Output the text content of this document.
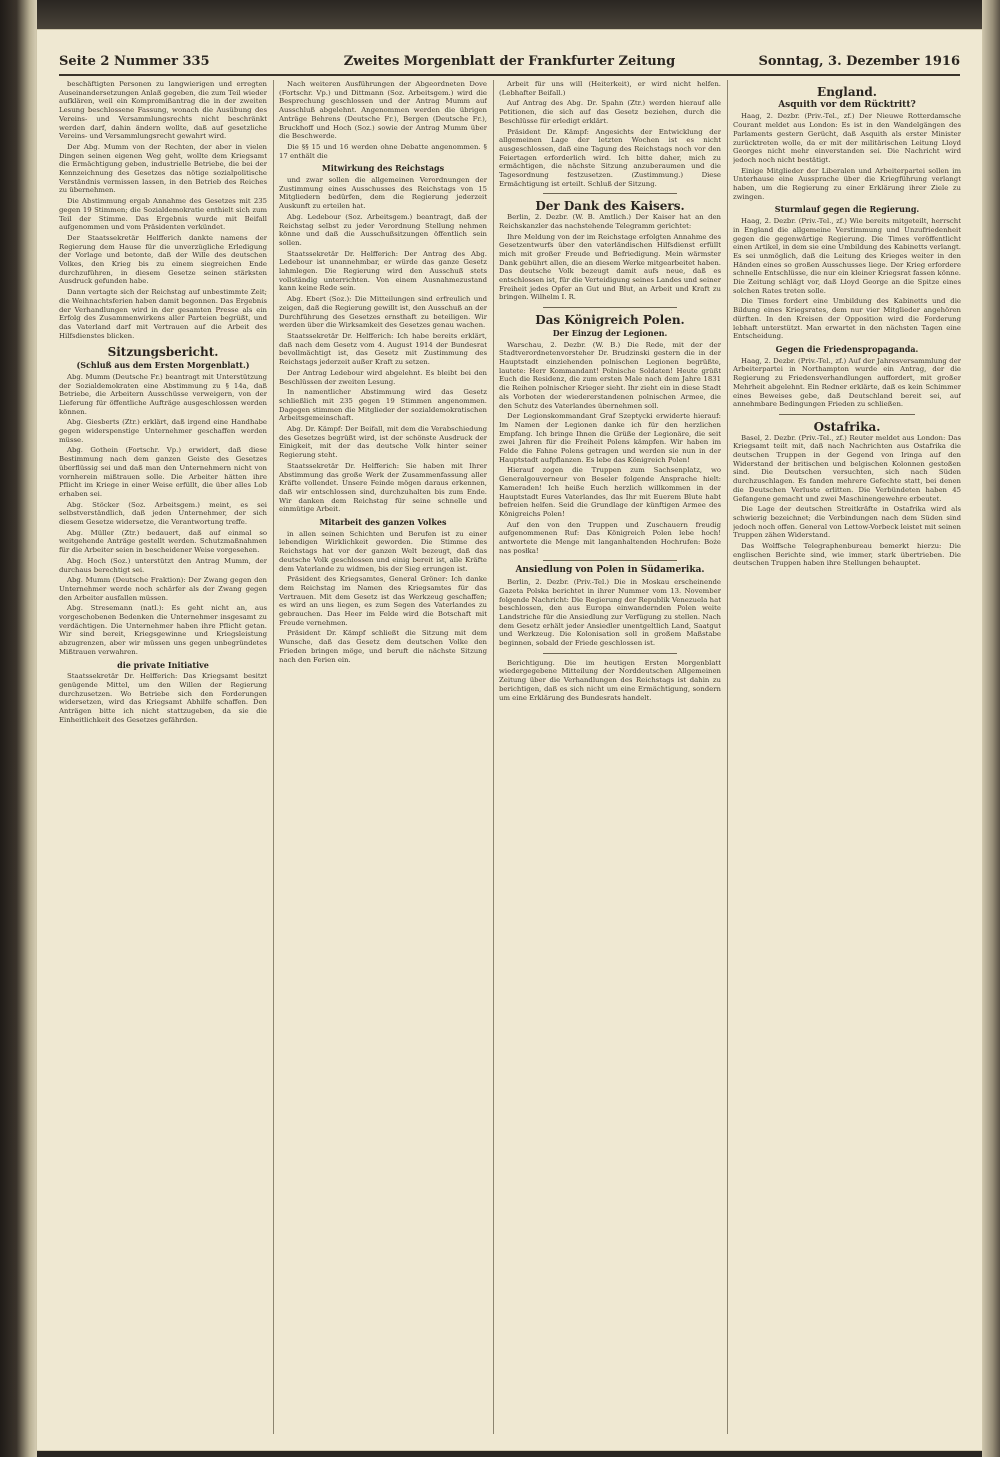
Seite 2 Nummer 335	Zweites Morgenblatt der Frankfurter Zeitung	Sonntag, 3. Dezember 1916

beschäftigten Personen zu langwierigen und erregten Auseinandersetzungen Anlaß gegeben, die zum Teil wieder aufklären, weil ein Kompromißantrag die in der zweiten Lesung beschlossene Fassung, wonach die Ausübung des Vereins- und Versammlungsrechts nicht beschränkt werden darf, dahin ändern wollte, daß auf gesetzliche Vereins- und Versammlungsrecht gewahrt wird.

Der Abg. Mumm von der Rechten, der aber in vielen Dingen seinen eigenen Weg geht, wollte dem Kriegsamt die Ermächtigung geben, industrielle Betriebe, die bei der Kennzeichnung des Gesetzes das nötige sozialpolitische Verständnis vermissen lassen, in den Betrieb des Reiches zu übernehmen.

Die Abstimmung ergab Annahme des Gesetzes mit 235 gegen 19 Stimmen; die Sozialdemokratie enthielt sich zum Teil der Stimme. Das Ergebnis wurde mit Beifall aufgenommen und vom Präsidenten verkündet.

Der Staatssekretär Helfferich dankte namens der Regierung dem Hause für die unverzügliche Erledigung der Vorlage und betonte, daß der Wille des deutschen Volkes, den Krieg bis zu einem siegreichen Ende durchzuführen, in diesem Gesetze seinen stärksten Ausdruck gefunden habe.

Dann vertagte sich der Reichstag auf unbestimmte Zeit; die Weihnachtsferien haben damit begonnen. Das Ergebnis der Verhandlungen wird in der gesamten Presse als ein Erfolg des Zusammenwirkens aller Parteien begrüßt, und das Vaterland darf mit Vertrauen auf die Arbeit des Hilfsdienstes blicken.

Sitzungsbericht.
(Schluß aus dem Ersten Morgenblatt.)

Abg. Mumm (Deutsche Fr.) beantragt mit Unterstützung der Sozialdemokraten eine Abstimmung zu § 14a, daß Betriebe, die Arbeitern Ausschüsse verweigern, von der Lieferung für öffentliche Aufträge ausgeschlossen werden können.

Abg. Giesberts (Ztr.) erklärt, daß irgend eine Handhabe gegen widerspenstige Unternehmer geschaffen werden müsse.

Abg. Gothein (Fortschr. Vp.) erwidert, daß diese Bestimmung nach dem ganzen Geiste des Gesetzes überflüssig sei und daß man den Unternehmern nicht von vornherein mißtrauen solle. Die Arbeiter hätten ihre Pflicht im Kriege in einer Weise erfüllt, die über alles Lob erhaben sei.

Abg. Stöcker (Soz. Arbeitsgem.) meint, es sei selbstverständlich, daß jeden Unternehmer, der sich diesem Gesetze widersetze, die Verantwortung treffe.

Abg. Müller (Ztr.) bedauert, daß auf einmal so weitgehende Anträge gestellt werden. Schutzmaßnahmen für die Arbeiter seien in bescheidener Weise vorgesehen.

Abg. Hoch (Soz.) unterstützt den Antrag Mumm, der durchaus berechtigt sei.

Abg. Mumm (Deutsche Fraktion): Der Zwang gegen den Unternehmer werde noch schärfer als der Zwang gegen den Arbeiter ausfallen müssen.

Abg. Stresemann (natl.): Es geht nicht an, aus vorgeschobenen Bedenken die Unternehmer insgesamt zu verdächtigen. Die Unternehmer haben ihre Pflicht getan. Wir sind bereit, Kriegsgewinne und Kriegsleistung abzugrenzen, aber wir müssen uns gegen unbegründetes Mißtrauen verwahren.

die private Initiative

Staatssekretär Dr. Helfferich: Das Kriegsamt besitzt genügende Mittel, um den Willen der Regierung durchzusetzen. Wo Betriebe sich den Forderungen widersetzen, wird das Kriegsamt Abhilfe schaffen. Den Anträgen bitte ich nicht stattzugeben, da sie die Einheitlichkeit des Gesetzes gefährden.

Nach weiteren Ausführungen der Abgeordneten Dove (Fortschr. Vp.) und Dittmann (Soz. Arbeitsgem.) wird die Besprechung geschlossen und der Antrag Mumm auf Ausschluß abgelehnt. Angenommen werden die übrigen Anträge Behrens (Deutsche Fr.), Bergen (Deutsche Fr.), Bruckhoff und Hoch (Soz.) sowie der Antrag Mumm über die Beschwerde.

Die §§ 15 und 16 werden ohne Debatte angenommen. § 17 enthält die

Mitwirkung des Reichstags

und zwar sollen die allgemeinen Verordnungen der Zustimmung eines Ausschusses des Reichstags von 15 Mitgliedern bedürfen, dem die Regierung jederzeit Auskunft zu erteilen hat.

Abg. Ledebour (Soz. Arbeitsgem.) beantragt, daß der Reichstag selbst zu jeder Verordnung Stellung nehmen könne und daß die Ausschußsitzungen öffentlich sein sollen.

Staatssekretär Dr. Helfferich: Der Antrag des Abg. Ledebour ist unannehmbar, er würde das ganze Gesetz lahmlegen. Die Regierung wird den Ausschuß stets vollständig unterrichten. Von einem Ausnahmezustand kann keine Rede sein.

Abg. Ebert (Soz.): Die Mitteilungen sind erfreulich und zeigen, daß die Regierung gewillt ist, den Ausschuß an der Durchführung des Gesetzes ernsthaft zu beteiligen. Wir werden über die Wirksamkeit des Gesetzes genau wachen.

Staatssekretär Dr. Helfferich: Ich habe bereits erklärt, daß nach dem Gesetz vom 4. August 1914 der Bundesrat bevollmächtigt ist, das Gesetz mit Zustimmung des Reichstags jederzeit außer Kraft zu setzen.

Der Antrag Ledebour wird abgelehnt. Es bleibt bei den Beschlüssen der zweiten Lesung.

In namentlicher Abstimmung wird das Gesetz schließlich mit 235 gegen 19 Stimmen angenommen. Dagegen stimmen die Mitglieder der sozialdemokratischen Arbeitsgemeinschaft.

Abg. Dr. Kämpf: Der Beifall, mit dem die Verabschiedung des Gesetzes begrüßt wird, ist der schönste Ausdruck der Einigkeit, mit der das deutsche Volk hinter seiner Regierung steht.

Staatssekretär Dr. Helfferich: Sie haben mit Ihrer Abstimmung das große Werk der Zusammenfassung aller Kräfte vollendet. Unsere Feinde mögen daraus erkennen, daß wir entschlossen sind, durchzuhalten bis zum Ende. Wir danken dem Reichstag für seine schnelle und einmütige Arbeit.

Mitarbeit des ganzen Volkes

in allen seinen Schichten und Berufen ist zu einer lebendigen Wirklichkeit geworden. Die Stimme des Reichstags hat vor der ganzen Welt bezeugt, daß das deutsche Volk geschlossen und einig bereit ist, alle Kräfte dem Vaterlande zu widmen, bis der Sieg errungen ist.

Präsident des Kriegsamtes, General Gröner: Ich danke dem Reichstag im Namen des Kriegsamtes für das Vertrauen. Mit dem Gesetz ist das Werkzeug geschaffen; es wird an uns liegen, es zum Segen des Vaterlandes zu gebrauchen. Das Heer im Felde wird die Botschaft mit Freude vernehmen.

Präsident Dr. Kämpf schließt die Sitzung mit dem Wunsche, daß das Gesetz dem deutschen Volke den Frieden bringen möge, und beruft die nächste Sitzung nach den Ferien ein.

Arbeit für uns will (Heiterkeit), er wird nicht helfen. (Lebhafter Beifall.)

Auf Antrag des Abg. Dr. Spahn (Ztr.) werden hierauf alle Petitionen, die sich auf das Gesetz beziehen, durch die Beschlüsse für erledigt erklärt.

Präsident Dr. Kämpf: Angesichts der Entwicklung der allgemeinen Lage der letzten Wochen ist es nicht ausgeschlossen, daß eine Tagung des Reichstags noch vor den Feiertagen erforderlich wird. Ich bitte daher, mich zu ermächtigen, die nächste Sitzung anzuberaumen und die Tagesordnung festzusetzen. (Zustimmung.) Diese Ermächtigung ist erteilt. Schluß der Sitzung.

Der Dank des Kaisers.

Berlin, 2. Dezbr. (W. B. Amtlich.) Der Kaiser hat an den Reichskanzler das nachstehende Telegramm gerichtet:

Ihre Meldung von der im Reichstage erfolgten Annahme des Gesetzentwurfs über den vaterländischen Hilfsdienst erfüllt mich mit großer Freude und Befriedigung. Mein wärmster Dank gebührt allen, die an diesem Werke mitgearbeitet haben. Das deutsche Volk bezeugt damit aufs neue, daß es entschlossen ist, für die Verteidigung seines Landes und seiner Freiheit jedes Opfer an Gut und Blut, an Arbeit und Kraft zu bringen. Wilhelm I. R.

Das Königreich Polen.
Der Einzug der Legionen.

Warschau, 2. Dezbr. (W. B.) Die Rede, mit der der Stadtverordnetenvorsteher Dr. Brudzinski gestern die in der Hauptstadt einziehenden polnischen Legionen begrüßte, lautete: Herr Kommandant! Polnische Soldaten! Heute grüßt Euch die Residenz, die zum ersten Male nach dem Jahre 1831 die Reihen polnischer Krieger sieht. Ihr zieht ein in diese Stadt als Vorboten der wiedererstandenen polnischen Armee, die den Schutz des Vaterlandes übernehmen soll.

Der Legionskommandant Graf Szeptycki erwiderte hierauf: Im Namen der Legionen danke ich für den herzlichen Empfang. Ich bringe Ihnen die Grüße der Legionäre, die seit zwei Jahren für die Freiheit Polens kämpfen. Wir haben im Felde die Fahne Polens getragen und werden sie nun in der Hauptstadt aufpflanzen. Es lebe das Königreich Polen!

Hierauf zogen die Truppen zum Sachsenplatz, wo Generalgouverneur von Beseler folgende Ansprache hielt: Kameraden! Ich heiße Euch herzlich willkommen in der Hauptstadt Eures Vaterlandes, das Ihr mit Euerem Blute habt befreien helfen. Seid die Grundlage der künftigen Armee des Königreichs Polen!

Auf den von den Truppen und Zuschauern freudig aufgenommenen Ruf: Das Königreich Polen lebe hoch! antwortete die Menge mit langanhaltenden Hochrufen: Boże nas posłka!

Ansiedlung von Polen in Südamerika.

Berlin, 2. Dezbr. (Priv.-Tel.) Die in Moskau erscheinende Gazeta Polska berichtet in ihrer Nummer vom 13. November folgende Nachricht: Die Regierung der Republik Venezuela hat beschlossen, den aus Europa einwandernden Polen weite Landstriche für die Ansiedlung zur Verfügung zu stellen. Nach dem Gesetz erhält jeder Ansiedler unentgeltlich Land, Saatgut und Werkzeug. Die Kolonisation soll in großem Maßstabe beginnen, sobald der Friede geschlossen ist.

Berichtigung. Die im heutigen Ersten Morgenblatt wiedergegebene Mitteilung der Norddeutschen Allgemeinen Zeitung über die Verhandlungen des Reichstags ist dahin zu berichtigen, daß es sich nicht um eine Ermächtigung, sondern um eine Erklärung des Bundesrats handelt.

England.
Asquith vor dem Rücktritt?

Haag, 2. Dezbr. (Priv.-Tel., zf.) Der Nieuwe Rotterdamsche Courant meldet aus London: Es ist in den Wandelgängen des Parlaments gestern Gerücht, daß Asquith als erster Minister zurücktreten wolle, da er mit der militärischen Leitung Lloyd Georges nicht mehr einverstanden sei. Die Nachricht wird jedoch noch nicht bestätigt.

Einige Mitglieder der Liberalen und Arbeiterpartei sollen im Unterhause eine Aussprache über die Kriegführung verlangt haben, um die Regierung zu einer Erklärung ihrer Ziele zu zwingen.

Sturmlauf gegen die Regierung.

Haag, 2. Dezbr. (Priv.-Tel., zf.) Wie bereits mitgeteilt, herrscht in England die allgemeine Verstimmung und Unzufriedenheit gegen die gegenwärtige Regierung. Die Times veröffentlicht einen Artikel, in dem sie eine Umbildung des Kabinetts verlangt. Es sei unmöglich, daß die Leitung des Krieges weiter in den Händen eines so großen Ausschusses liege. Der Krieg erfordere schnelle Entschlüsse, die nur ein kleiner Kriegsrat fassen könne. Die Zeitung schlägt vor, daß Lloyd George an die Spitze eines solchen Rates treten solle.

Die Times fordert eine Umbildung des Kabinetts und die Bildung eines Kriegsrates, dem nur vier Mitglieder angehören dürften. In den Kreisen der Opposition wird die Forderung lebhaft unterstützt. Man erwartet in den nächsten Tagen eine Entscheidung.

Gegen die Friedenspropaganda.

Haag, 2. Dezbr. (Priv.-Tel., zf.) Auf der Jahresversammlung der Arbeiterpartei in Northampton wurde ein Antrag, der die Regierung zu Friedensverhandlungen auffordert, mit großer Mehrheit abgelehnt. Ein Redner erklärte, daß es kein Schimmer eines Beweises gebe, daß Deutschland bereit sei, auf annehmbare Bedingungen Frieden zu schließen.

Ostafrika.

Basel, 2. Dezbr. (Priv.-Tel., zf.) Reuter meldet aus London: Das Kriegsamt teilt mit, daß nach Nachrichten aus Ostafrika die deutschen Truppen in der Gegend von Iringa auf den Widerstand der britischen und belgischen Kolonnen gestoßen sind. Die Deutschen versuchten, sich nach Süden durchzuschlagen. Es fanden mehrere Gefechte statt, bei denen die Deutschen Verluste erlitten. Die Verbündeten haben 45 Gefangene gemacht und zwei Maschinengewehre erbeutet.

Die Lage der deutschen Streitkräfte in Ostafrika wird als schwierig bezeichnet; die Verbindungen nach dem Süden sind jedoch noch offen. General von Lettow-Vorbeck leistet mit seinen Truppen zähen Widerstand.

Das Wolffsche Telegraphenbureau bemerkt hierzu: Die englischen Berichte sind, wie immer, stark übertrieben. Die deutschen Truppen haben ihre Stellungen behauptet.
